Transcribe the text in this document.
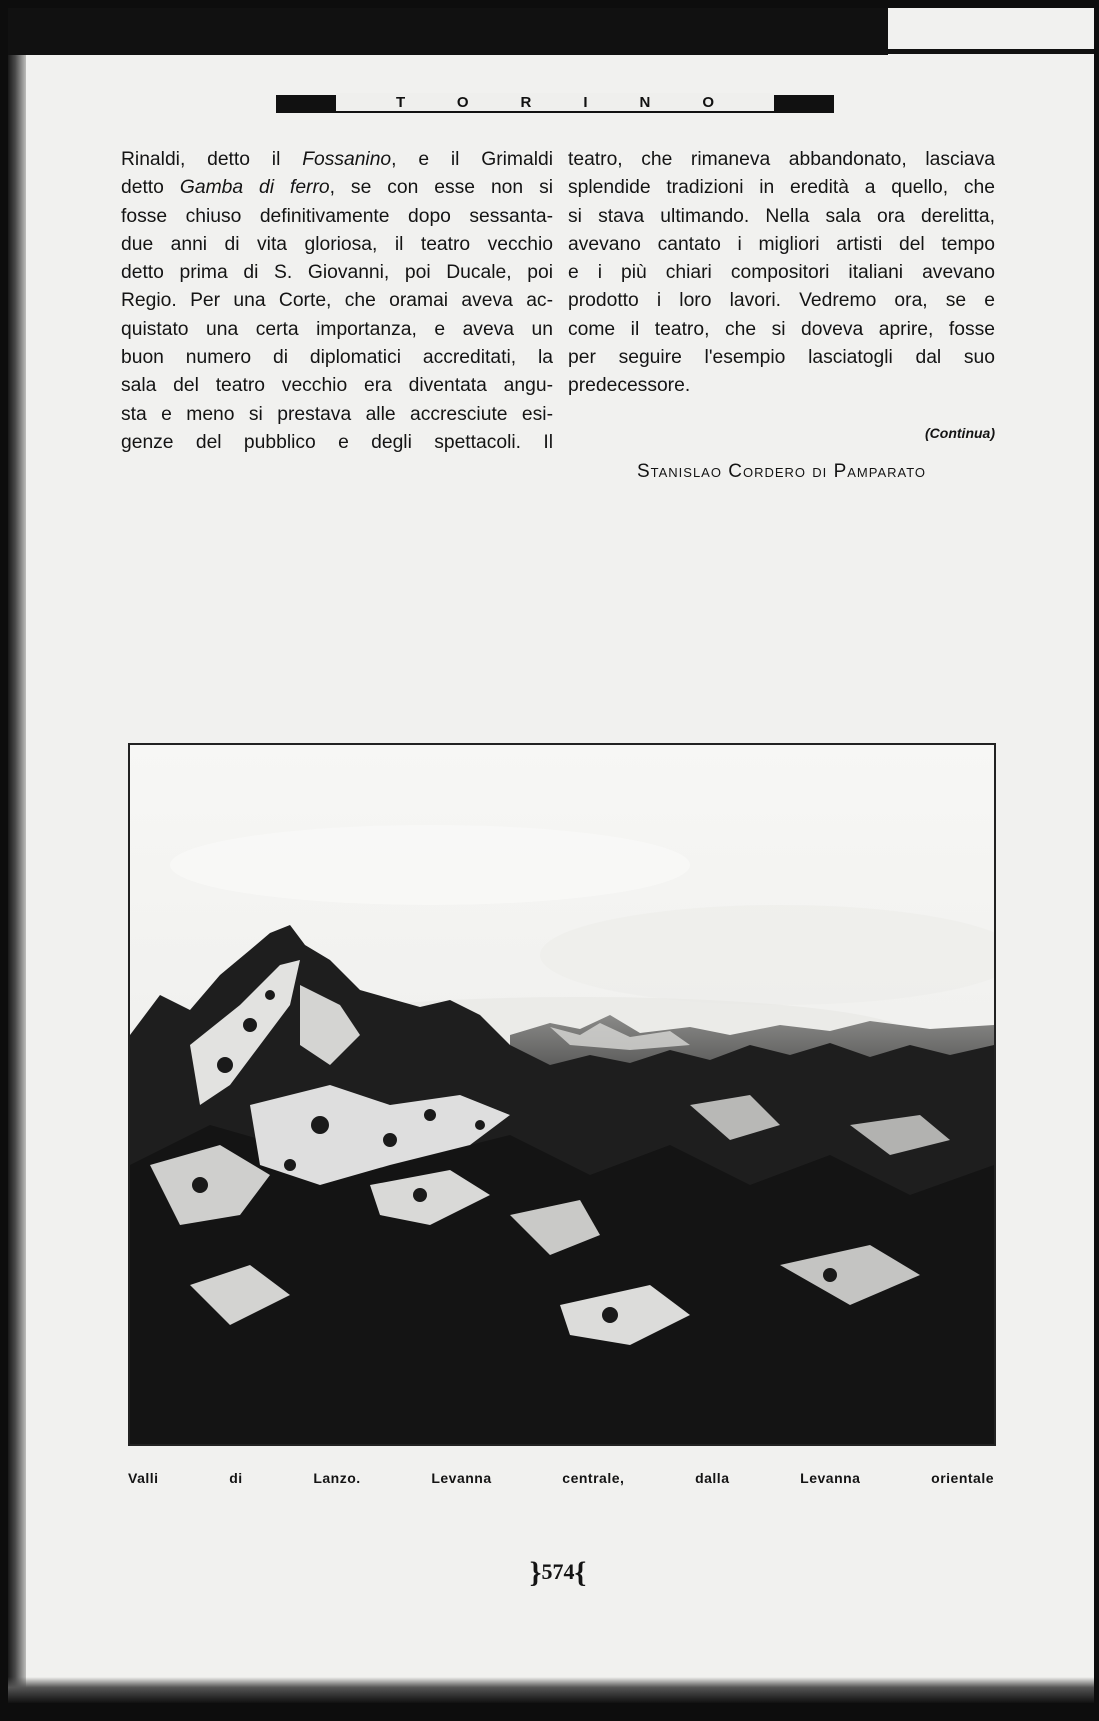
TORINO
Rinaldi, detto il Fossanino, e il Grimaldi
detto Gamba di ferro, se con esse non si
fosse chiuso definitivamente dopo sessanta-
due anni di vita gloriosa, il teatro vecchio
detto prima di S. Giovanni, poi Ducale, poi
Regio. Per una Corte, che oramai aveva ac-
quistato una certa importanza, e aveva un
buon numero di diplomatici accreditati, la
sala del teatro vecchio era diventata angu-
sta e meno si prestava alle accresciute esi-
genze del pubblico e degli spettacoli. Il
teatro, che rimaneva abbandonato, lasciava
splendide tradizioni in eredità a quello, che
si stava ultimando. Nella sala ora derelitta,
avevano cantato i migliori artisti del tempo
e i più chiari compositori italiani avevano
prodotto i loro lavori. Vedremo ora, se e
come il teatro, che si doveva aprire, fosse
per seguire l'esempio lasciatogli dal suo
predecessore.
(Continua)
Stanislao Cordero di Pamparato
Valli di Lanzo. Levanna centrale, dalla Levanna orientale
}574{
